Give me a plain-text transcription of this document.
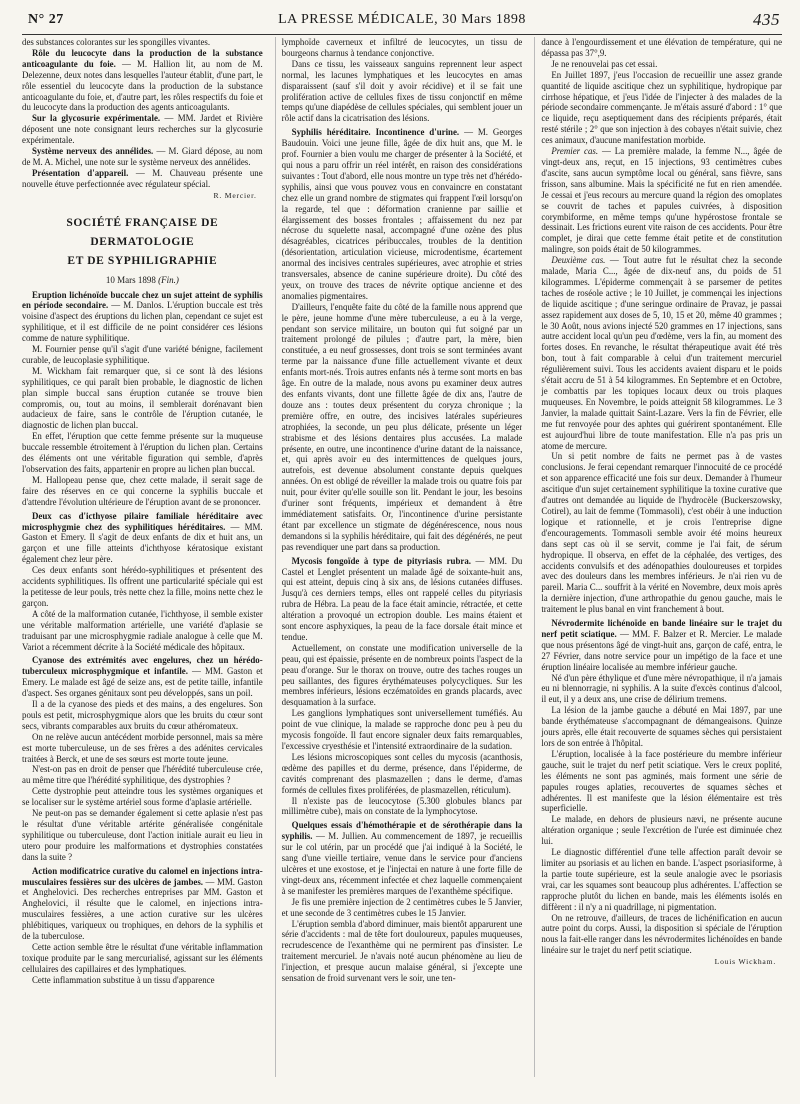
N° 27	LA PRESSE MÉDICALE, 30 Mars 1898	435

des substances colorantes sur les spongilles vivantes.

Rôle du leucocyte dans la production de la substance anticoagulante du foie. — M. Hallion lit, au nom de M. Delezenne, deux notes dans lesquelles l'auteur établit, d'une part, le rôle essentiel du leucocyte dans la production de la substance anticoagulante du foie, et, d'autre part, les rôles respectifs du foie et du leucocyte dans la production des agents anticoagulants.

Sur la glycosurie expérimentale. — MM. Jardet et Rivière déposent une note consignant leurs recherches sur la glycosurie expérimentale.

Système nerveux des annélides. — M. Giard dépose, au nom de M. A. Michel, une note sur le système nerveux des annélides.

Présentation d'appareil. — M. Chauveau présente une nouvelle étuve perfectionnée avec régulateur spécial.

R. Mercier.
SOCIÉTÉ FRANÇAISE DE DERMATOLOGIE
ET DE SYPHILIGRAPHIE
10 Mars 1898 (Fin.)

Eruption lichénoïde buccale chez un sujet atteint de syphilis en période secondaire. — M. Danlos. L'éruption buccale est très voisine d'aspect des éruptions du lichen plan, cependant ce sujet est syphilitique, et il est difficile de ne point considérer ces lésions comme de nature syphilitique.

M. Fournier pense qu'il s'agit d'une variété bénigne, facilement curable, de leucoplasie syphilitique.

M. Wickham fait remarquer que, si ce sont là des lésions syphilitiques, ce qui paraît bien probable, le diagnostic de lichen plan simple buccal sans éruption cutanée se trouve bien compromis, ou, tout au moins, il semblerait dorénavant bien audacieux de faire, sans le contrôle de l'éruption cutanée, le diagnostic de lichen plan buccal.

En effet, l'éruption que cette femme présente sur la muqueuse buccale ressemble étroitement à l'éruption du lichen plan. Certains des éléments ont une véritable figuration qui semble, d'après l'observation des faits, appartenir en propre au lichen plan buccal.

M. Hallopeau pense que, chez cette malade, il serait sage de faire des réserves en ce qui concerne la syphilis buccale et d'attendre l'évolution ultérieure de l'éruption avant de se prononcer.

Deux cas d'icthyose pilaire familiale héréditaire avec microsphygmie chez des syphilitiques héréditaires. — MM. Gaston et Emery. Il s'agit de deux enfants de dix et huit ans, un garçon et une fille atteints d'ichthyose kératosique existant également chez leur père.

Ces deux enfants sont hérédo-syphilitiques et présentent des accidents syphilitiques. Ils offrent une particularité spéciale qui est la petitesse de leur pouls, très nette chez la fille, moins nette chez le garçon.

A côté de la malformation cutanée, l'ichthyose, il semble exister une véritable malformation artérielle, une variété d'aplasie se traduisant par une microsphygmie radiale analogue à celle que M. Variot a récemment décrite à la Société médicale des hôpitaux.

Cyanose des extrémités avec engelures, chez un hérédo-tuberculeux microsphygmique et infantile. — MM. Gaston et Emery. Le malade est âgé de seize ans, est de petite taille, infantile d'aspect. Ses organes génitaux sont peu développés, sans un poil.

Il a de la cyanose des pieds et des mains, a des engelures. Son pouls est petit, microsphygmique alors que les bruits du cœur sont secs, vibrants comparables aux bruits du cœur athéromateux.

On ne relève aucun antécédent morbide personnel, mais sa mère est morte tuberculeuse, un de ses frères a des adénites cervicales traitées à Berck, et une de ses sœurs est morte toute jeune.

N'est-on pas en droit de penser que l'hérédité tuberculeuse crée, au même titre que l'hérédité syphilitique, des dystrophies ?

Cette dystrophie peut atteindre tous les systèmes organiques et se localiser sur le système artériel sous forme d'aplasie artérielle.

Ne peut-on pas se demander également si cette aplasie n'est pas le résultat d'une véritable artérite généralisée congénitale syphilitique ou tuberculeuse, dont l'action initiale aurait eu lieu in utero pour produire les malformations et dystrophies constatées dans la suite ?

Action modificatrice curative du calomel en injections intra-musculaires fessières sur des ulcères de jambes. — MM. Gaston et Anghelovici. Des recherches entreprises par MM. Gaston et Anghelovici, il résulte que le calomel, en injections intra-musculaires fessières, a une action curative sur les ulcères phlébitiques, variqueux ou trophiques, en dehors de la syphilis et de la tuberculose.

Cette action semble être le résultat d'une véritable inflammation toxique produite par le sang mercurialisé, agissant sur les éléments cellulaires des capillaires et des lymphatiques.

Cette inflammation substitue à un tissu d'apparence

lymphoïde caverneux et infiltré de leucocytes, un tissu de bourgeons charnus à tendance conjonctive.

Dans ce tissu, les vaisseaux sanguins reprennent leur aspect normal, les lacunes lymphatiques et les leucocytes en amas disparaissent (sauf s'il doit y avoir récidive) et il se fait une prolifération active de cellules fixes de tissu conjonctif en même temps qu'une diapédèse de cellules spéciales, qui semblent jouer un rôle actif dans la cicatrisation des lésions.

Syphilis héréditaire. Incontinence d'urine. — M. Georges Baudouin. Voici une jeune fille, âgée de dix huit ans, que M. le prof. Fournier a bien voulu me charger de présenter à la Société, et qui nous a paru offrir un réel intérêt, en raison des considérations suivantes : Tout d'abord, elle nous montre un type très net d'hérédo-syphilis, ainsi que vous pouvez vous en convaincre en constatant chez elle un grand nombre de stigmates qui frappent l'œil lorsqu'on la regarde, tel que : déformation cranienne par saillie et élargissement des bosses frontales ; affaissement du nez par nécrose du squelette nasal, accompagné d'une ozène des plus désagréables, cicatrices péribuccales, troubles de la dentition (désorientation, articulation vicieuse, microdentisme, écartement anormal des incisives centrales supérieures, avec atrophie et stries transversales, absence de canine supérieure droite). Du côté des yeux, on trouve des traces de névrite optique ancienne et des anomalies pigmentaires.

D'ailleurs, l'enquête faite du côté de la famille nous apprend que le père, jeune homme d'une mère tuberculeuse, a eu à la verge, pendant son service militaire, un bouton qui fut soigné par un traitement prolongé de pilules ; d'autre part, la mère, bien constituée, a eu neuf grossesses, dont trois se sont terminées avant terme par la naissance d'une fille actuellement vivante et deux enfants mort-nés. Trois autres enfants nés à terme sont morts en bas âge. En outre de la malade, nous avons pu examiner deux autres des enfants vivants, dont une fillette âgée de dix ans, l'autre de douze ans : toutes deux présentent du coryza chronique ; la première offre, en outre, des incisives latérales supérieures atrophiées, la seconde, un peu plus délicate, présente un léger strabisme et des lésions dentaires plus accusées. La malade présente, en outre, une incontinence d'urine datant de la naissance, et, qui après avoir eu des intermittences de quelques jours, autrefois, est devenue absolument constante depuis quelques années. On est obligé de réveiller la malade trois ou quatre fois par nuit, pour éviter qu'elle souille son lit. Pendant le jour, les besoins d'uriner sont fréquents, impérieux et demandent à être immédiatement satisfaits. Or, l'incontinence d'urine persistante étant par excellence un stigmate de dégénérescence, nous nous demandons si la syphilis héréditaire, qui fait des dégénérés, ne peut pas revendiquer une part dans sa production.

Mycosis fongoïde à type de pityriasis rubra. — MM. Du Castel et Lenglet présentent un malade âgé de soixante-huit ans, qui est atteint, depuis cinq à six ans, de lésions cutanées diffuses. Jusqu'à ces derniers temps, elles ont rappelé celles du pityriasis rubra de Hébra. La peau de la face était amincie, rétractée, et cette altération a provoqué un ectropion double. Les mains étaient et sont encore asphyxiques, la peau de la face dorsale était mince et tendue.

Actuellement, on constate une modification universelle de la peau, qui est épaissie, présente en de nombreux points l'aspect de la peau d'orange. Sur le thorax on trouve, outre des taches rouges un peu saillantes, des figures érythémateuses polycycliques. Sur les membres inférieurs, lésions eczématoïdes en grands placards, avec desquamation à la surface.

Les ganglions lymphatiques sont universellement tuméfiés. Au point de vue clinique, la malade se rapproche donc peu à peu du mycosis fongoïde. Il faut encore signaler deux faits remarquables, l'excessive cryesthésie et l'intensité extraordinaire de la sudation.

Les lésions microscopiques sont celles du mycosis (acanthosis, œdème des papilles et du derme, présence, dans l'épiderme, de cavités comprenant des plasmazellen ; dans le derme, d'amas formés de cellules fixes proliférées, de plasmazellen, réticulum).

Il n'existe pas de leucocytose (5.300 globules blancs par millimètre cube), mais on constate de la lymphocytose.

Quelques essais d'hémothérapie et de sérothérapie dans la syphilis. — M. Jullien. Au commencement de 1897, je recueillis sur le col utérin, par un procédé que j'ai indiqué à la Société, le sang d'une vieille tertiaire, venue dans le service pour d'anciens ulcères et une exostose, et je l'injectai en nature à une forte fille de vingt-deux ans, récemment infectée et chez laquelle commençaient à se manifester les premières marques de l'exanthème spécifique.

Je fis une première injection de 2 centimètres cubes le 5 Janvier, et une seconde de 3 centimètres cubes le 15 Janvier.

L'éruption sembla d'abord diminuer, mais bientôt apparurent une série d'accidents : mal de tête fort douloureux, papules muqueuses, recrudescence de l'exanthème qui ne permirent pas d'insister. Le traitement mercuriel. Je n'avais noté aucun phénomène au lieu de l'injection, et presque aucun malaise général, si j'excepte une sensation de froid survenant vers le soir, une ten-

dance à l'engourdissement et une élévation de température, qui ne dépassa pas 37°,9.

Je ne renouvelai pas cet essai.

En Juillet 1897, j'eus l'occasion de recueillir une assez grande quantité de liquide ascitique chez un syphilitique, hydropique par cirrhose hépatique, et j'eus l'idée de l'injecter à des malades de la période secondaire commençante. Je m'étais assuré d'abord : 1° que ce liquide, reçu aseptiquement dans des récipients préparés, était resté stérile ; 2° que son injection à des cobayes n'était suivie, chez ces animaux, d'aucune manifestation morbide.

Premier cas. — La première malade, la femme N..., âgée de vingt-deux ans, reçut, en 15 injections, 93 centimètres cubes d'ascite, sans aucun symptôme local ou général, sans fièvre, sans frisson, sans albumine. Mais la spécificité ne fut en rien amendée. Je cessai et j'eus recours au mercure quand la région des omoplates se couvrit de taches et papules cuivrées, à disposition corymbiforme, en même temps qu'une hypérostose frontale se dessinait. Les frictions eurent vite raison de ces accidents. Pour être complet, je dirai que cette femme était petite et de constitution malingre, son poids était de 50 kilogrammes.

Deuxième cas. — Tout autre fut le résultat chez la seconde malade, Maria C..., âgée de dix-neuf ans, du poids de 51 kilogrammes. L'épiderme commençait à se parsemer de petites taches de roséole active ; le 10 Juillet, je commençai les injections de liquide ascitique ; d'une seringue ordinaire de Pravaz, je passai assez rapidement aux doses de 5, 10, 15 et 20, même 40 grammes ; le 30 Août, nous avions injecté 520 grammes en 17 injections, sans autre accident local qu'un peu d'œdème, vers la fin, au moment des fortes doses. En revanche, le résultat thérapeutique avait été très bon, tout à fait comparable à celui d'un traitement mercuriel régulièrement suivi. Tous les accidents avaient disparu et le poids s'était accru de 51 à 54 kilogrammes. En Septembre et en Octobre, je combattis par les topiques locaux deux ou trois plaques muqueuses. En Novembre, le poids atteignit 58 kilogrammes. Le 3 Janvier, la malade quittait Saint-Lazare. Vers la fin de Février, elle me fut renvoyée pour des aphtes qui guérirent spontanément. Elle est aujourd'hui libre de toute manifestation. Elle n'a pas pris un atome de mercure.

Un si petit nombre de faits ne permet pas à de vastes conclusions. Je ferai cependant remarquer l'innocuité de ce procédé et son apparence efficacité une fois sur deux. Demander à l'humeur ascitique d'un sujet certainement syphilitique la toxine curative que d'autres ont demandée au liquide de l'hydrocèle (Buckerszowsky, Cotirel), au lait de femme (Tommasoli), c'est obéir à une induction logique et rationnelle, et je crois l'entreprise digne d'encouragements. Tommasoli semble avoir été moins heureux dans sept cas où il se servit, comme je l'ai fait, de sérum hydropique. Il observa, en effet de la céphalée, des vertiges, des accidents convulsifs et des adénopathies douloureuses et torpides avec des douleurs dans les membres inférieurs. Je n'ai rien vu de pareil. Maria C... souffrit à la vérité en Novembre, deux mois après la dernière injection, d'une arthropathie du genou gauche, mais le traitement le plus banal en vint franchement à bout.

Névrodermite lichénoïde en bande linéaire sur le trajet du nerf petit sciatique. — MM. F. Balzer et R. Mercier. Le malade que nous présentons âgé de vingt-huit ans, garçon de café, entra, le 27 Février, dans notre service pour un impétigo de la face et une éruption linéaire localisée au membre inférieur gauche.

Né d'un père éthylique et d'une mère névropathique, il n'a jamais eu ni blennorragie, ni syphilis. A la suite d'excès continus d'alcool, il eut, il y a deux ans, une crise de délirium tremens.

La lésion de la jambe gauche a débuté en Mai 1897, par une bande érythémateuse s'accompagnant de démangeaisons. Quinze jours après, elle était recouverte de squames sèches qui persistaient lors de son entrée à l'hôpital.

L'éruption, localisée à la face postérieure du membre inférieur gauche, suit le trajet du nerf petit sciatique. Vers le creux poplité, les éléments ne sont pas agminés, mais forment une série de papules rouges aplaties, recouvertes de squames sèches et adhérentes. Il est manifeste que la lésion élémentaire est très superficielle.

Le malade, en dehors de plusieurs nævi, ne présente aucune altération organique ; seule l'excrétion de l'urée est diminuée chez lui.

Le diagnostic différentiel d'une telle affection paraît devoir se limiter au psoriasis et au lichen en bande. L'aspect psoriasiforme, à la partie toute supérieure, est la seule analogie avec le psoriasis vrai, car les squames sont beaucoup plus adhérentes. L'affection se rapproche plutôt du lichen en bande, mais les éléments isolés en diffèrent : il n'y a ni quadrillage, ni pigmentation.

On ne retrouve, d'ailleurs, de traces de lichénification en aucun autre point du corps. Aussi, la disposition si spéciale de l'éruption nous la fait-elle ranger dans les névrodermites lichénoïdes en bande linéaire sur le trajet du nerf petit sciatique.

Louis Wickham.
